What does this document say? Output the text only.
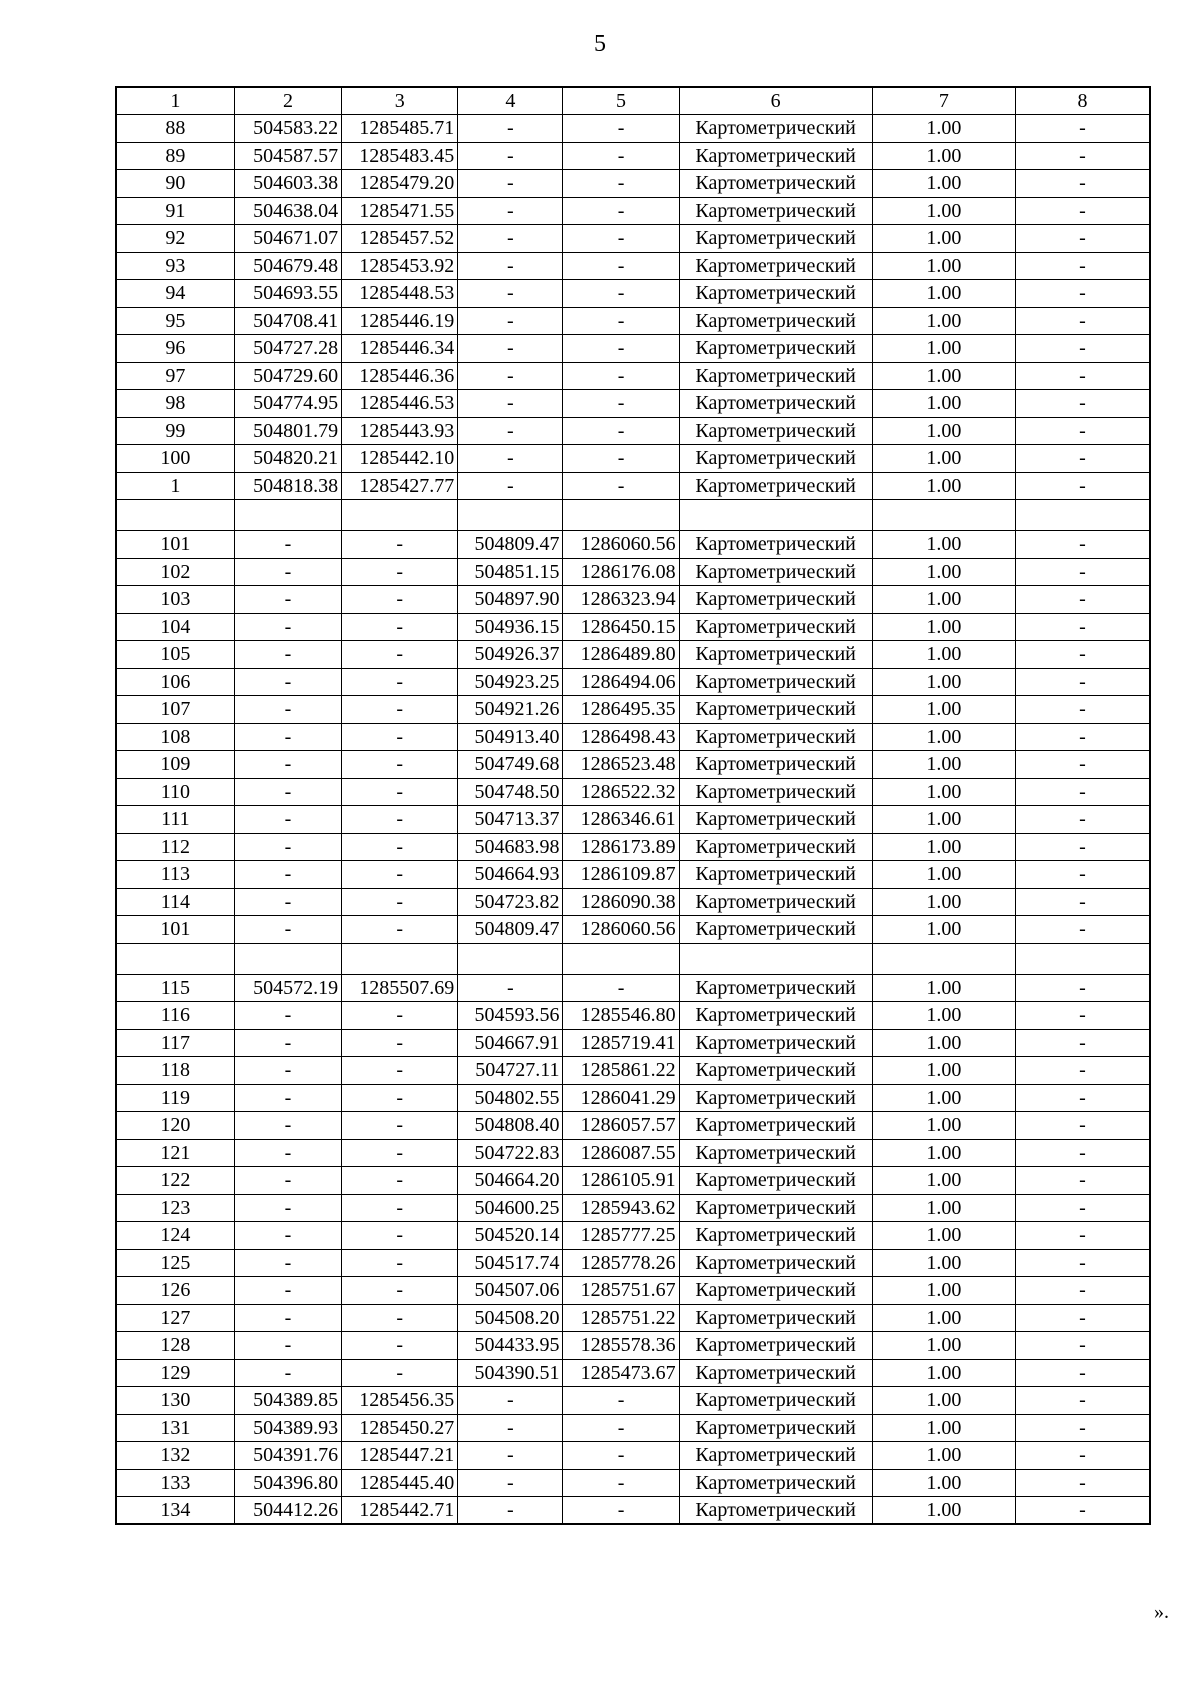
5
1	2	3	4	5	6	7	8
88	504583.22	1285485.71	-	-	Картометрический	1.00	-
89	504587.57	1285483.45	-	-	Картометрический	1.00	-
90	504603.38	1285479.20	-	-	Картометрический	1.00	-
91	504638.04	1285471.55	-	-	Картометрический	1.00	-
92	504671.07	1285457.52	-	-	Картометрический	1.00	-
93	504679.48	1285453.92	-	-	Картометрический	1.00	-
94	504693.55	1285448.53	-	-	Картометрический	1.00	-
95	504708.41	1285446.19	-	-	Картометрический	1.00	-
96	504727.28	1285446.34	-	-	Картометрический	1.00	-
97	504729.60	1285446.36	-	-	Картометрический	1.00	-
98	504774.95	1285446.53	-	-	Картометрический	1.00	-
99	504801.79	1285443.93	-	-	Картометрический	1.00	-
100	504820.21	1285442.10	-	-	Картометрический	1.00	-
1	504818.38	1285427.77	-	-	Картометрический	1.00	-

101	-	-	504809.47	1286060.56	Картометрический	1.00	-
102	-	-	504851.15	1286176.08	Картометрический	1.00	-
103	-	-	504897.90	1286323.94	Картометрический	1.00	-
104	-	-	504936.15	1286450.15	Картометрический	1.00	-
105	-	-	504926.37	1286489.80	Картометрический	1.00	-
106	-	-	504923.25	1286494.06	Картометрический	1.00	-
107	-	-	504921.26	1286495.35	Картометрический	1.00	-
108	-	-	504913.40	1286498.43	Картометрический	1.00	-
109	-	-	504749.68	1286523.48	Картометрический	1.00	-
110	-	-	504748.50	1286522.32	Картометрический	1.00	-
111	-	-	504713.37	1286346.61	Картометрический	1.00	-
112	-	-	504683.98	1286173.89	Картометрический	1.00	-
113	-	-	504664.93	1286109.87	Картометрический	1.00	-
114	-	-	504723.82	1286090.38	Картометрический	1.00	-
101	-	-	504809.47	1286060.56	Картометрический	1.00	-

115	504572.19	1285507.69	-	-	Картометрический	1.00	-
116	-	-	504593.56	1285546.80	Картометрический	1.00	-
117	-	-	504667.91	1285719.41	Картометрический	1.00	-
118	-	-	504727.11	1285861.22	Картометрический	1.00	-
119	-	-	504802.55	1286041.29	Картометрический	1.00	-
120	-	-	504808.40	1286057.57	Картометрический	1.00	-
121	-	-	504722.83	1286087.55	Картометрический	1.00	-
122	-	-	504664.20	1286105.91	Картометрический	1.00	-
123	-	-	504600.25	1285943.62	Картометрический	1.00	-
124	-	-	504520.14	1285777.25	Картометрический	1.00	-
125	-	-	504517.74	1285778.26	Картометрический	1.00	-
126	-	-	504507.06	1285751.67	Картометрический	1.00	-
127	-	-	504508.20	1285751.22	Картометрический	1.00	-
128	-	-	504433.95	1285578.36	Картометрический	1.00	-
129	-	-	504390.51	1285473.67	Картометрический	1.00	-
130	504389.85	1285456.35	-	-	Картометрический	1.00	-
131	504389.93	1285450.27	-	-	Картометрический	1.00	-
132	504391.76	1285447.21	-	-	Картометрический	1.00	-
133	504396.80	1285445.40	-	-	Картометрический	1.00	-
134	504412.26	1285442.71	-	-	Картометрический	1.00	-
».
